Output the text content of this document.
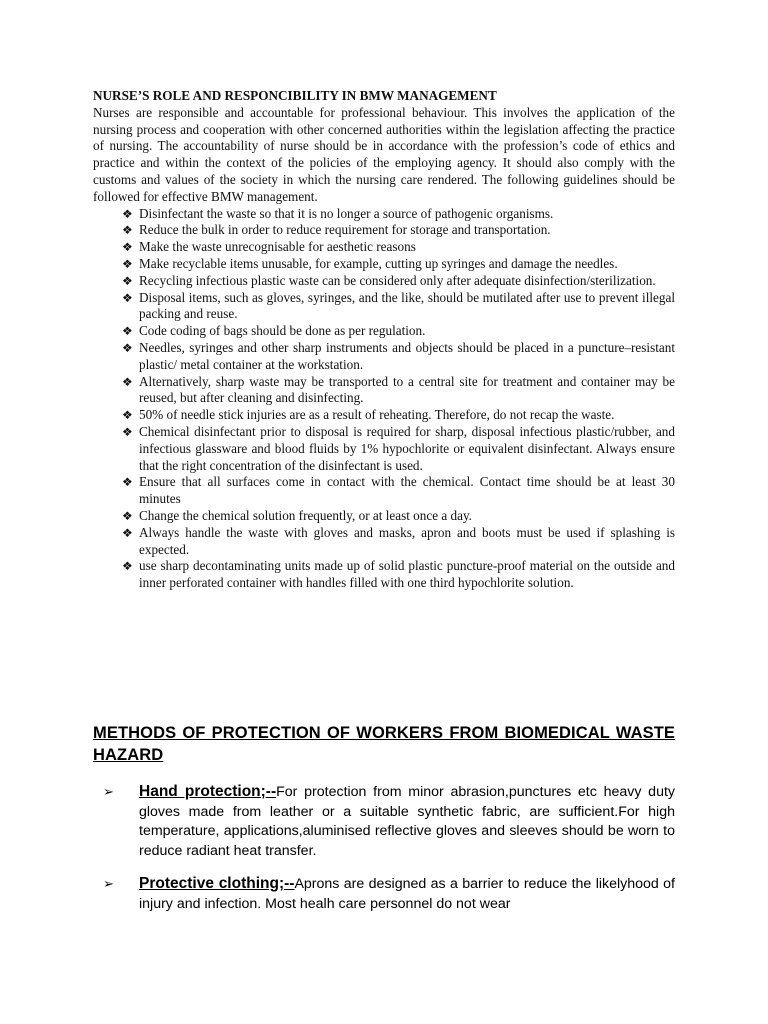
NURSE’S ROLE AND RESPONCIBILITY IN BMW MANAGEMENT

Nurses are responsible and accountable for professional behaviour. This involves the application of the nursing process and cooperation with other concerned authorities within the legislation affecting the practice of nursing. The accountability of nurse should be in accordance with the profession’s code of ethics and practice and within the context of the policies of the employing agency. It should also comply with the customs and values of the society in which the nursing care rendered. The following guidelines should be followed for effective BMW management.

❖ Disinfectant the waste so that it is no longer a source of pathogenic organisms.
❖ Reduce the bulk in order to reduce requirement for storage and transportation.
❖ Make the waste unrecognisable for aesthetic reasons
❖ Make recyclable items unusable, for example, cutting up syringes and damage the needles.
❖ Recycling infectious plastic waste can be considered only after adequate disinfection/sterilization.
❖ Disposal items, such as gloves, syringes, and the like, should be mutilated after use to prevent illegal packing and reuse.
❖ Code coding of bags should be done as per regulation.
❖ Needles, syringes and other sharp instruments and objects should be placed in a puncture–resistant plastic/ metal container at the workstation.
❖ Alternatively, sharp waste may be transported to a central site for treatment and container may be reused, but after cleaning and disinfecting.
❖ 50% of needle stick injuries are as a result of reheating. Therefore, do not recap the waste.
❖ Chemical disinfectant prior to disposal is required for sharp, disposal infectious plastic/rubber, and infectious glassware and blood fluids by 1% hypochlorite or equivalent disinfectant. Always ensure that the right concentration of the disinfectant is used.
❖ Ensure that all surfaces come in contact with the chemical. Contact time should be at least 30 minutes
❖ Change the chemical solution frequently, or at least once a day.
❖ Always handle the waste with gloves and masks, apron and boots must be used if splashing is expected.
❖ use sharp decontaminating units made up of solid plastic puncture-proof material on the outside and inner perforated container with handles filled with one third hypochlorite solution.

METHODS OF PROTECTION OF WORKERS FROM BIOMEDICAL WASTE HAZARD

➢ Hand protection;--For protection from minor abrasion,punctures etc heavy duty gloves made from leather or a suitable synthetic fabric, are sufficient.For high temperature, applications,aluminised reflective gloves and sleeves should be worn to reduce radiant heat transfer.
➢ Protective clothing;--Aprons are designed as a barrier to reduce the likelyhood of injury and infection. Most healh care personnel do not wear
